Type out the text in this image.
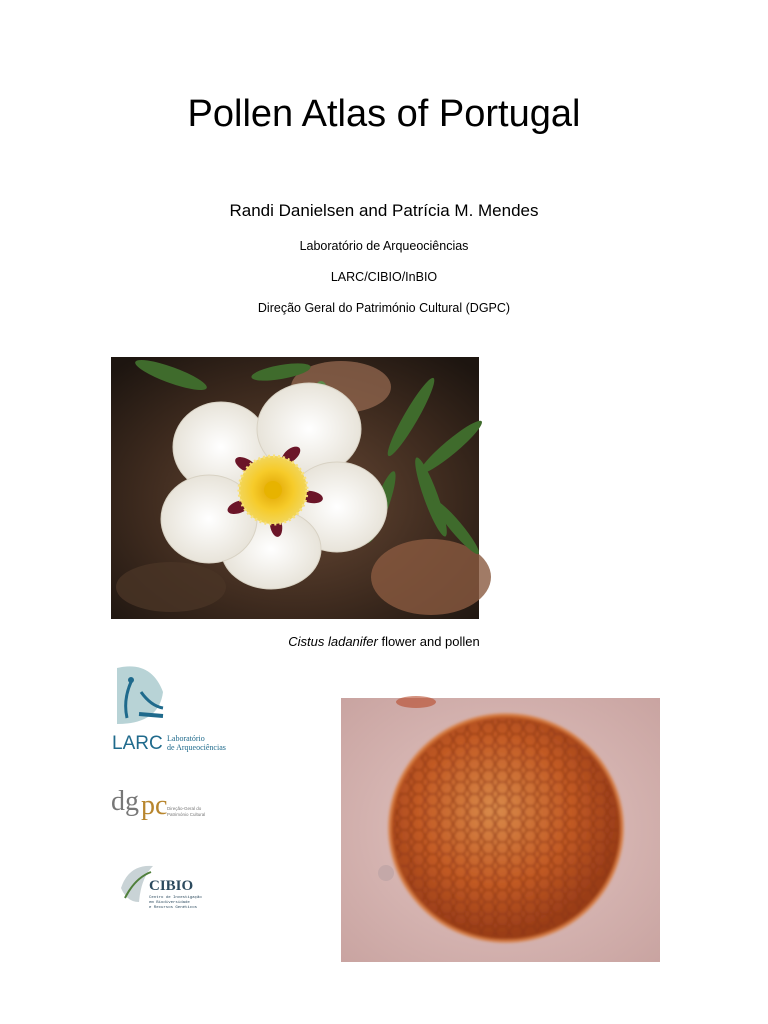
Pollen Atlas of Portugal
Randi Danielsen and Patrícia M. Mendes
Laboratório de Arqueociências
LARC/CIBIO/InBIO
Direção Geral do Património Cultural (DGPC)
Cistus ladanifer flower and pollen
LARC Laboratório
de Arqueociências
dg pc Direção-Geral do
Património Cultural
CIBIO
Centro de Investigação
em Biodiversidade
e Recursos Genéticos
